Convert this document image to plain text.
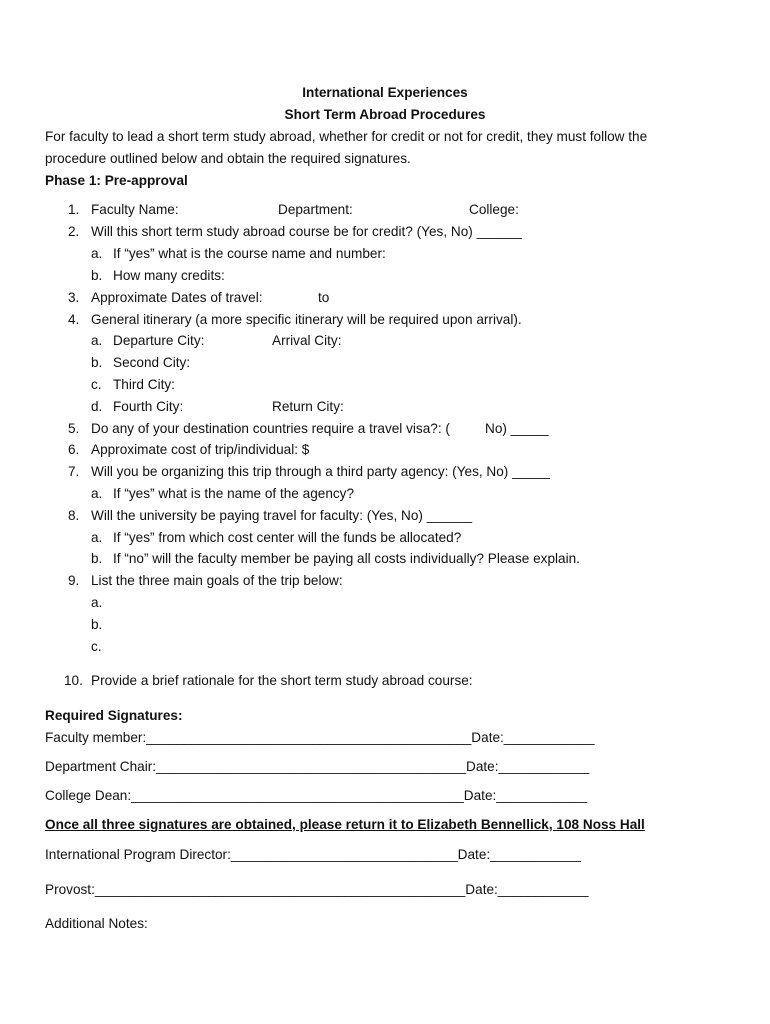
International Experiences
Short Term Abroad Procedures
For faculty to lead a short term study abroad, whether for credit or not for credit, they must follow the
procedure outlined below and obtain the required signatures.
Phase 1: Pre-approval
1. Faculty Name:	Department:	College:
2. Will this short term study abroad course be for credit? (Yes, No) ______
a. If “yes” what is the course name and number:
b. How many credits:
3. Approximate Dates of travel:	to
4. General itinerary (a more specific itinerary will be required upon arrival).
a. Departure City:	Arrival City:
b. Second City:
c. Third City:
d. Fourth City:	Return City:
5. Do any of your destination countries require a travel visa?: (	No) _____
6. Approximate cost of trip/individual: $
7. Will you be organizing this trip through a third party agency: (Yes, No) _____
a. If “yes” what is the name of the agency?
8. Will the university be paying travel for faculty: (Yes, No) ______
a. If “yes” from which cost center will the funds be allocated?
b. If “no” will the faculty member be paying all costs individually? Please explain.
9. List the three main goals of the trip below:
a.
b.
c.
10. Provide a brief rationale for the short term study abroad course:
Required Signatures:
Faculty member:___________________________________________Date:____________
Department Chair:_________________________________________Date:____________
College Dean:____________________________________________Date:____________
Once all three signatures are obtained, please return it to Elizabeth Bennellick, 108 Noss Hall
International Program Director:______________________________Date:____________
Provost:_________________________________________________Date:____________
Additional Notes:
